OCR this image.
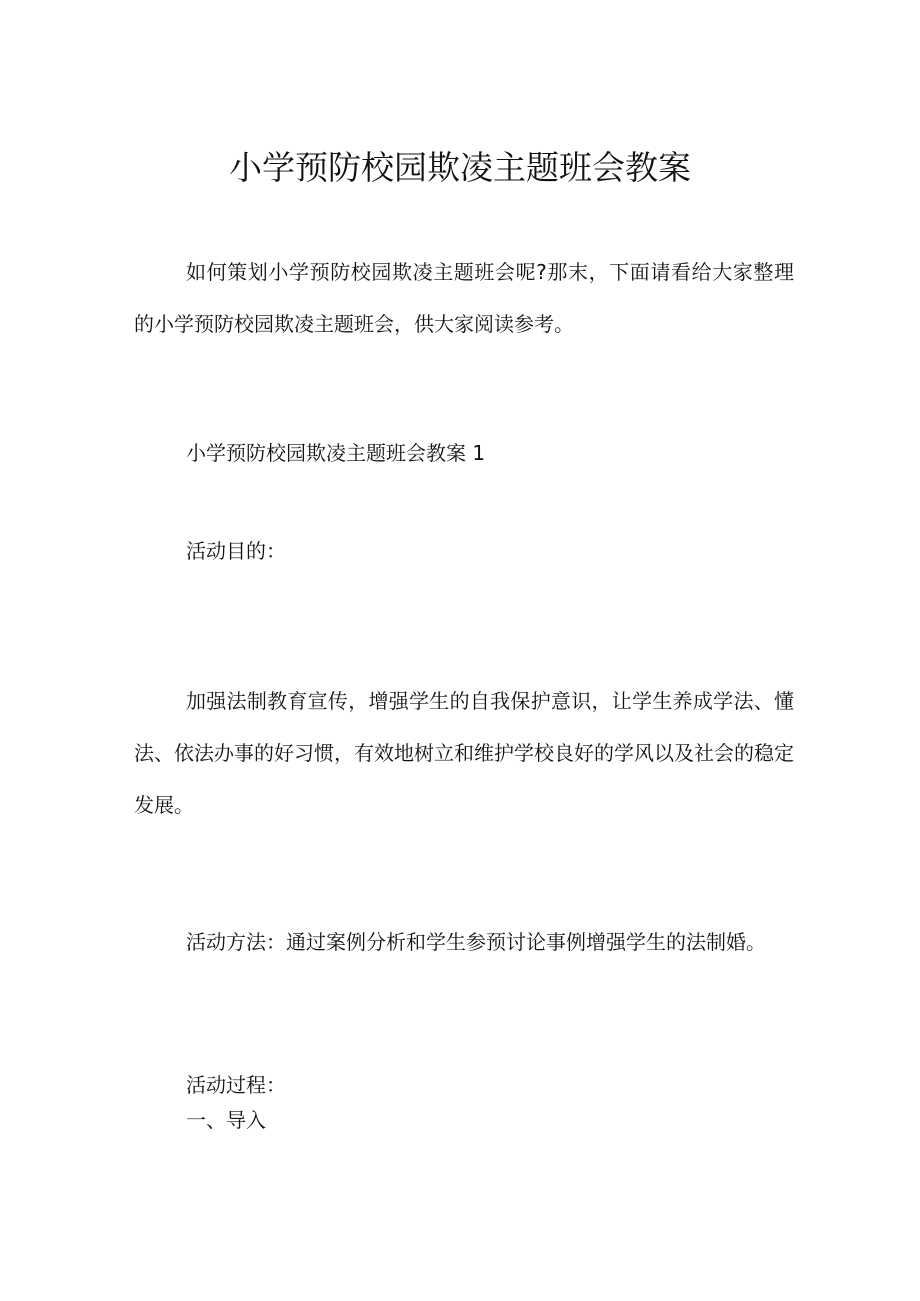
小学预防校园欺凌主题班会教案

如何策划小学预防校园欺凌主题班会呢?那末，下面请看给大家整理的小学预防校园欺凌主题班会，供大家阅读参考。

小学预防校园欺凌主题班会教案 1

活动目的：

加强法制教育宣传，增强学生的自我保护意识，让学生养成学法、懂法、依法办事的好习惯，有效地树立和维护学校良好的学风以及社会的稳定发展。

活动方法：通过案例分析和学生参预讨论事例增强学生的法制婚。

活动过程：

一、导入
